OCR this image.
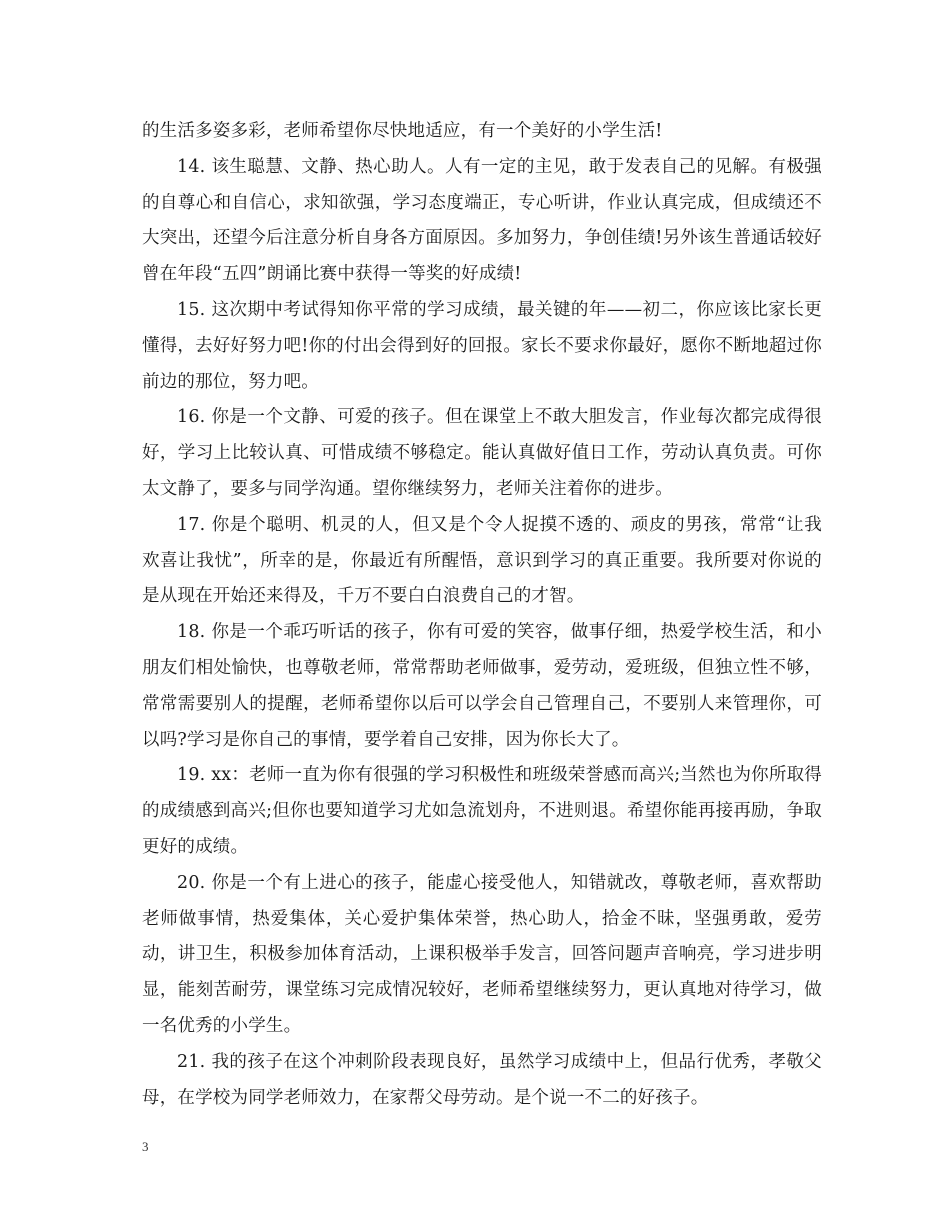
的生活多姿多彩，老师希望你尽快地适应，有一个美好的小学生活!

14. 该生聪慧、文静、热心助人。人有一定的主见，敢于发表自己的见解。有极强的自尊心和自信心，求知欲强，学习态度端正，专心听讲，作业认真完成，但成绩还不大突出，还望今后注意分析自身各方面原因。多加努力，争创佳绩!另外该生普通话较好曾在年段“五四”朗诵比赛中获得一等奖的好成绩!

15. 这次期中考试得知你平常的学习成绩，最关键的年——初二，你应该比家长更懂得，去好好努力吧!你的付出会得到好的回报。家长不要求你最好，愿你不断地超过你前边的那位，努力吧。

16. 你是一个文静、可爱的孩子。但在课堂上不敢大胆发言，作业每次都完成得很好，学习上比较认真、可惜成绩不够稳定。能认真做好值日工作，劳动认真负责。可你太文静了，要多与同学沟通。望你继续努力，老师关注着你的进步。

17. 你是个聪明、机灵的人，但又是个令人捉摸不透的、顽皮的男孩，常常“让我欢喜让我忧”，所幸的是，你最近有所醒悟，意识到学习的真正重要。我所要对你说的是从现在开始还来得及，千万不要白白浪费自己的才智。

18. 你是一个乖巧听话的孩子，你有可爱的笑容，做事仔细，热爱学校生活，和小朋友们相处愉快，也尊敬老师，常常帮助老师做事，爱劳动，爱班级，但独立性不够，常常需要别人的提醒，老师希望你以后可以学会自己管理自己，不要别人来管理你，可以吗?学习是你自己的事情，要学着自己安排，因为你长大了。

19. xx：老师一直为你有很强的学习积极性和班级荣誉感而高兴;当然也为你所取得的成绩感到高兴;但你也要知道学习尤如急流划舟，不进则退。希望你能再接再励，争取更好的成绩。

20. 你是一个有上进心的孩子，能虚心接受他人，知错就改，尊敬老师，喜欢帮助老师做事情，热爱集体，关心爱护集体荣誉，热心助人，拾金不昧，坚强勇敢，爱劳动，讲卫生，积极参加体育活动，上课积极举手发言，回答问题声音响亮，学习进步明显，能刻苦耐劳，课堂练习完成情况较好，老师希望继续努力，更认真地对待学习，做一名优秀的小学生。

21. 我的孩子在这个冲刺阶段表现良好，虽然学习成绩中上，但品行优秀，孝敬父母，在学校为同学老师效力，在家帮父母劳动。是个说一不二的好孩子。

3
